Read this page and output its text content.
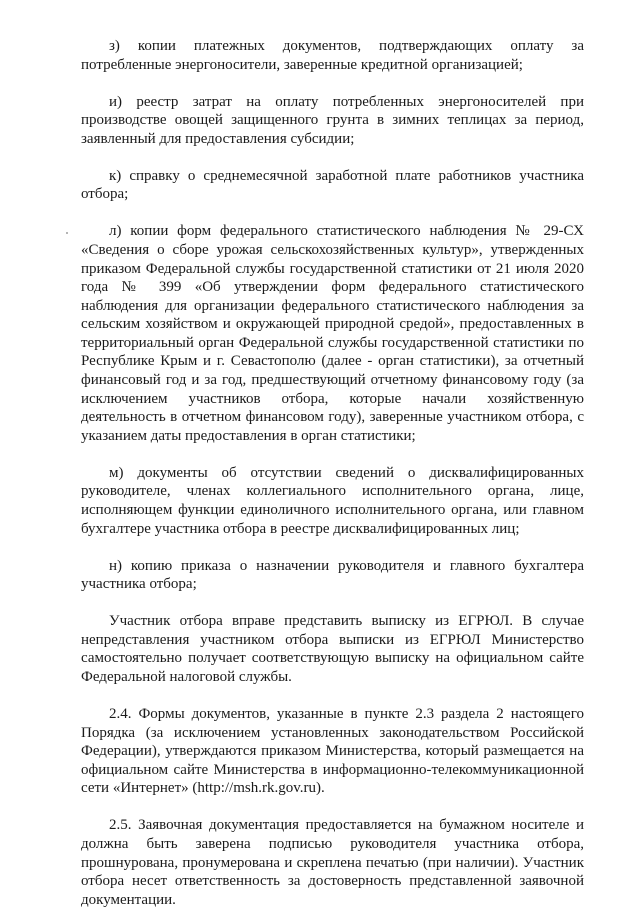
з) копии платежных документов, подтверждающих оплату за потребленные энергоносители, заверенные кредитной организацией;

и) реестр затрат на оплату потребленных энергоносителей при производстве овощей защищенного грунта в зимних теплицах за период, заявленный для предоставления субсидии;

к) справку о среднемесячной заработной плате работников участника отбора;

л) копии форм федерального статистического наблюдения № 29-СХ «Сведения о сборе урожая сельскохозяйственных культур», утвержденных приказом Федеральной службы государственной статистики от 21 июля 2020 года № 399 «Об утверждении форм федерального статистического наблюдения для организации федерального статистического наблюдения за сельским хозяйством и окружающей природной средой», предоставленных в территориальный орган Федеральной службы государственной статистики по Республике Крым и г. Севастополю (далее - орган статистики), за отчетный финансовый год и за год, предшествующий отчетному финансовому году (за исключением участников отбора, которые начали хозяйственную деятельность в отчетном финансовом году), заверенные участником отбора, с указанием даты предоставления в орган статистики;

м) документы об отсутствии сведений о дисквалифицированных руководителе, членах коллегиального исполнительного органа, лице, исполняющем функции единоличного исполнительного органа, или главном бухгалтере участника отбора в реестре дисквалифицированных лиц;

н) копию приказа о назначении руководителя и главного бухгалтера участника отбора;

Участник отбора вправе представить выписку из ЕГРЮЛ. В случае непредставления участником отбора выписки из ЕГРЮЛ Министерство самостоятельно получает соответствующую выписку на официальном сайте Федеральной налоговой службы.

2.4. Формы документов, указанные в пункте 2.3 раздела 2 настоящего Порядка (за исключением установленных законодательством Российской Федерации), утверждаются приказом Министерства, который размещается на официальном сайте Министерства в информационно-телекоммуникационной сети «Интернет» (http://msh.rk.gov.ru).

2.5. Заявочная документация предоставляется на бумажном носителе и должна быть заверена подписью руководителя участника отбора, прошнурована, пронумерована и скреплена печатью (при наличии). Участник отбора несет ответственность за достоверность представленной заявочной документации.
